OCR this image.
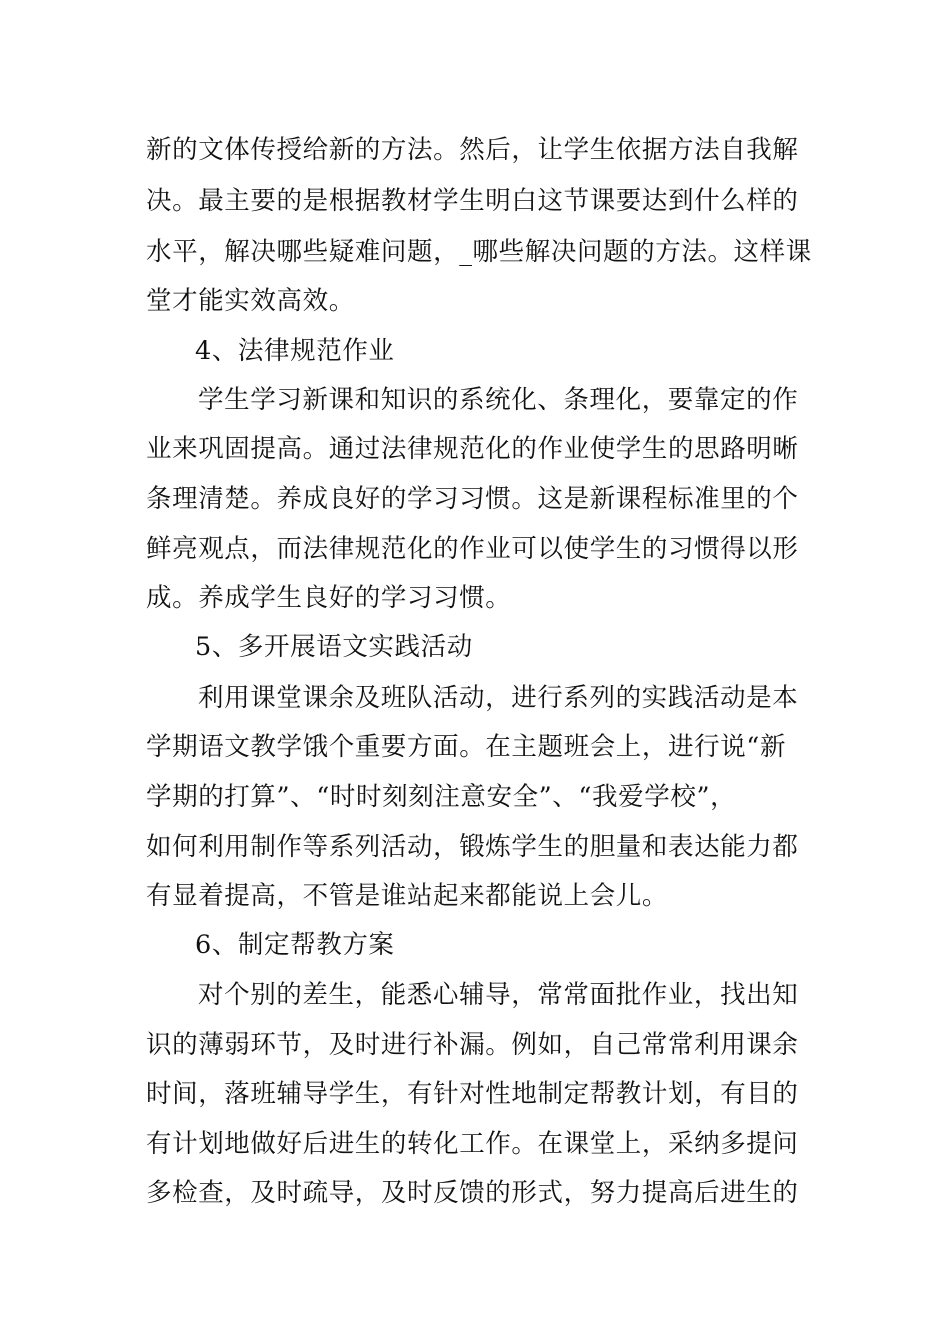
新的文体传授给新的方法。然后，让学生依据方法自我解
决。最主要的是根据教材学生明白这节课要达到什么样的
水平，解决哪些疑难问题，_哪些解决问题的方法。这样课
堂才能实效高效。
4、法律规范作业
学生学习新课和知识的系统化、条理化，要靠定的作
业来巩固提高。通过法律规范化的作业使学生的思路明晰
条理清楚。养成良好的学习习惯。这是新课程标准里的个
鲜亮观点，而法律规范化的作业可以使学生的习惯得以形
成。养成学生良好的学习习惯。
5、多开展语文实践活动
利用课堂课余及班队活动，进行系列的实践活动是本
学期语文教学饿个重要方面。在主题班会上，进行说“新
学期的打算”、“时时刻刻注意安全”、“我爱学校”，
如何利用制作等系列活动，锻炼学生的胆量和表达能力都
有显着提高，不管是谁站起来都能说上会儿。
6、制定帮教方案
对个别的差生，能悉心辅导，常常面批作业，找出知
识的薄弱环节，及时进行补漏。例如，自己常常利用课余
时间，落班辅导学生，有针对性地制定帮教计划，有目的
有计划地做好后进生的转化工作。在课堂上，采纳多提问
多检查，及时疏导，及时反馈的形式，努力提高后进生的
